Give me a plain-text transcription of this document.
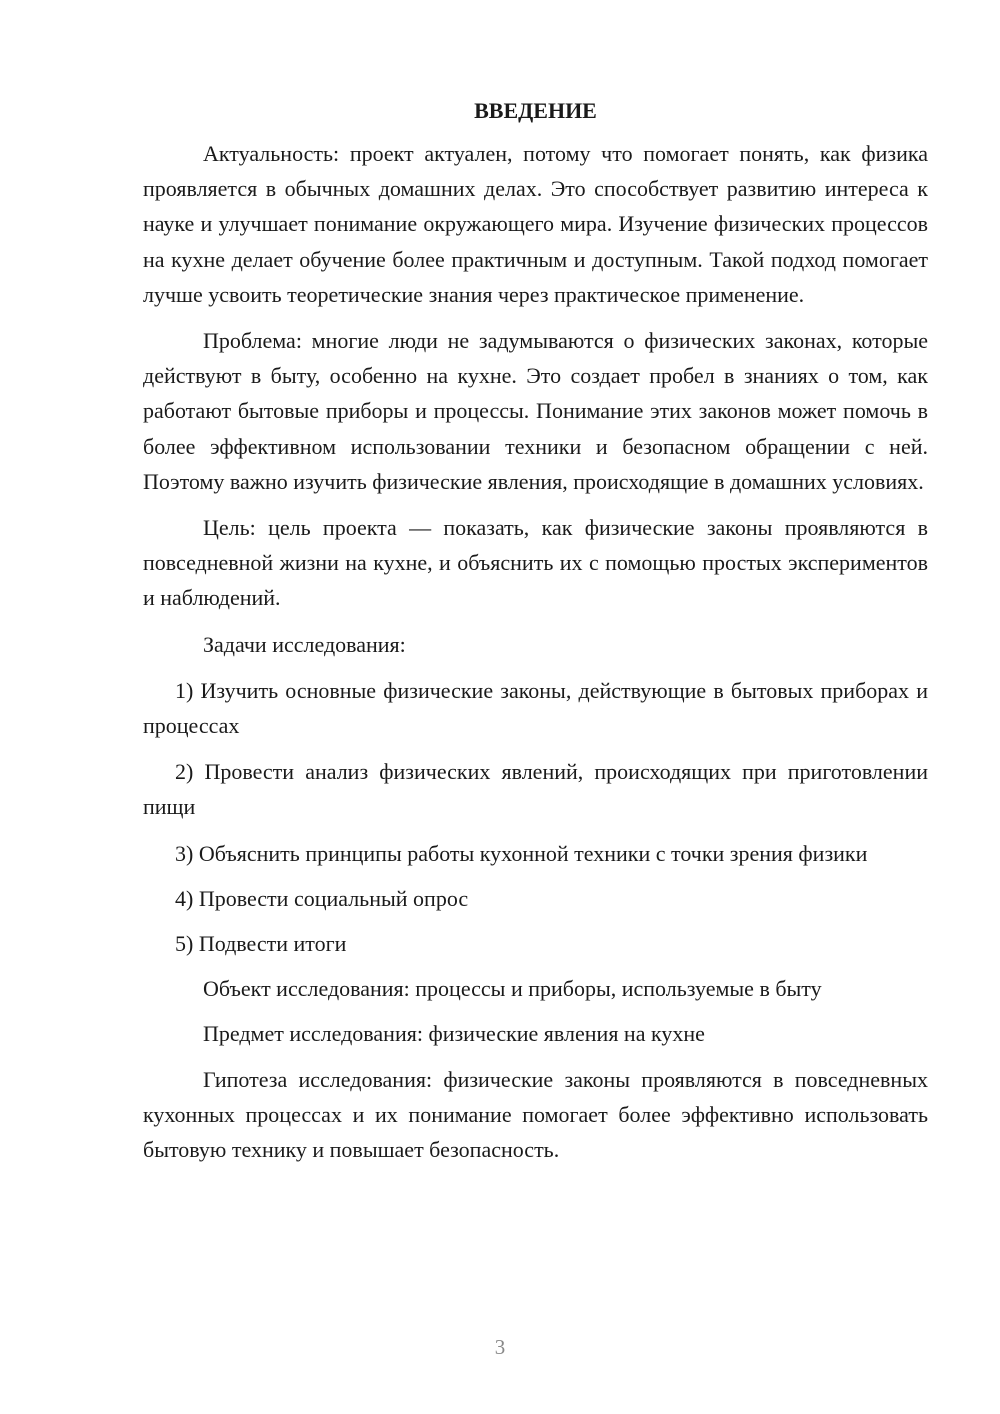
ВВЕДЕНИЕ

Актуальность: проект актуален, потому что помогает понять, как физика проявляется в обычных домашних делах. Это способствует развитию интереса к науке и улучшает понимание окружающего мира. Изучение физических процессов на кухне делает обучение более практичным и доступным. Такой подход помогает лучше усвоить теоретические знания через практическое применение.

Проблема: многие люди не задумываются о физических законах, которые действуют в быту, особенно на кухне. Это создает пробел в знаниях о том, как работают бытовые приборы и процессы. Понимание этих законов может помочь в более эффективном использовании техники и безопасном обращении с ней. Поэтому важно изучить физические явления, происходящие в домашних условиях.

Цель: цель проекта — показать, как физические законы проявляются в повседневной жизни на кухне, и объяснить их с помощью простых экспериментов и наблюдений.

Задачи исследования:

1) Изучить основные физические законы, действующие в бытовых приборах и процессах

2) Провести анализ физических явлений, происходящих при приготовлении пищи

3) Объяснить принципы работы кухонной техники с точки зрения физики

4) Провести социальный опрос

5) Подвести итоги

Объект исследования: процессы и приборы, используемые в быту

Предмет исследования: физические явления на кухне

Гипотеза исследования: физические законы проявляются в повседневных кухонных процессах и их понимание помогает более эффективно использовать бытовую технику и повышает безопасность.

3
